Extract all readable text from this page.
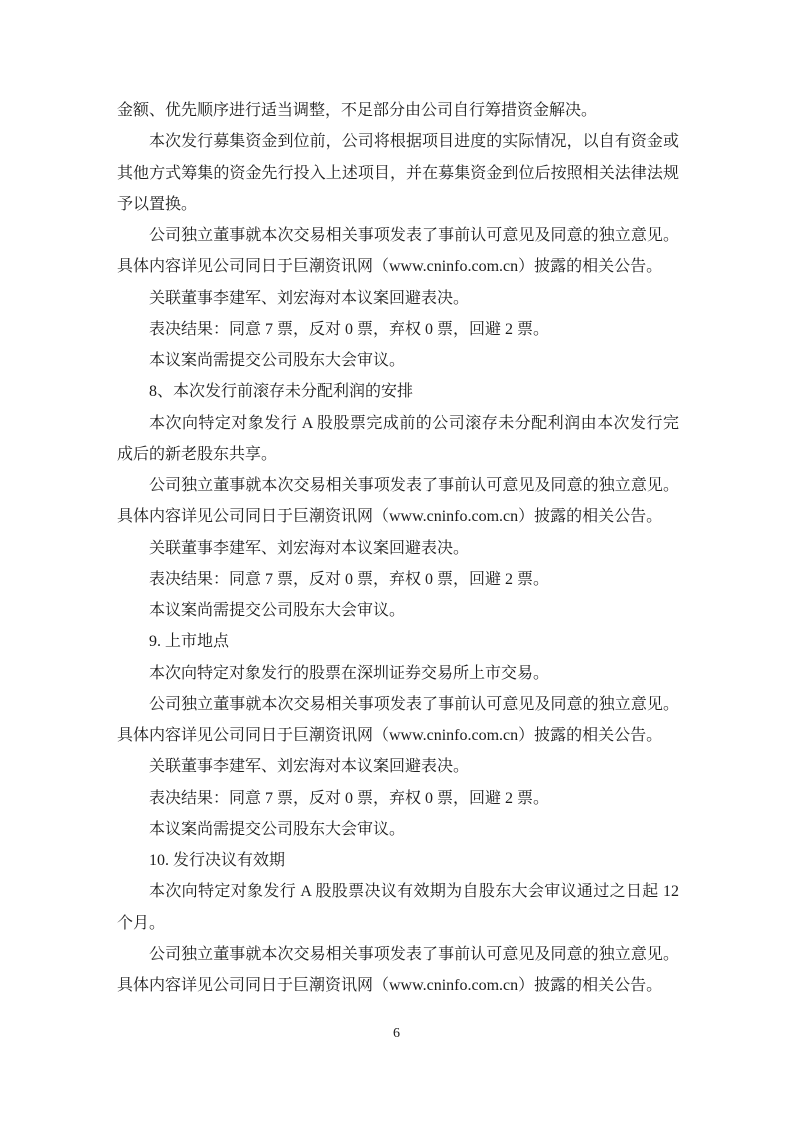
金额、优先顺序进行适当调整，不足部分由公司自行筹措资金解决。
本次发行募集资金到位前，公司将根据项目进度的实际情况，以自有资金或
其他方式筹集的资金先行投入上述项目，并在募集资金到位后按照相关法律法规
予以置换。
公司独立董事就本次交易相关事项发表了事前认可意见及同意的独立意见。
具体内容详见公司同日于巨潮资讯网（www.cninfo.com.cn）披露的相关公告。
关联董事李建军、刘宏海对本议案回避表决。
表决结果：同意 7 票，反对 0 票，弃权 0 票，回避 2 票。
本议案尚需提交公司股东大会审议。
8、本次发行前滚存未分配利润的安排
本次向特定对象发行 A 股股票完成前的公司滚存未分配利润由本次发行完
成后的新老股东共享。
公司独立董事就本次交易相关事项发表了事前认可意见及同意的独立意见。
具体内容详见公司同日于巨潮资讯网（www.cninfo.com.cn）披露的相关公告。
关联董事李建军、刘宏海对本议案回避表决。
表决结果：同意 7 票，反对 0 票，弃权 0 票，回避 2 票。
本议案尚需提交公司股东大会审议。
9. 上市地点
本次向特定对象发行的股票在深圳证券交易所上市交易。
公司独立董事就本次交易相关事项发表了事前认可意见及同意的独立意见。
具体内容详见公司同日于巨潮资讯网（www.cninfo.com.cn）披露的相关公告。
关联董事李建军、刘宏海对本议案回避表决。
表决结果：同意 7 票，反对 0 票，弃权 0 票，回避 2 票。
本议案尚需提交公司股东大会审议。
10. 发行决议有效期
本次向特定对象发行 A 股股票决议有效期为自股东大会审议通过之日起 12
个月。
公司独立董事就本次交易相关事项发表了事前认可意见及同意的独立意见。
具体内容详见公司同日于巨潮资讯网（www.cninfo.com.cn）披露的相关公告。
6
